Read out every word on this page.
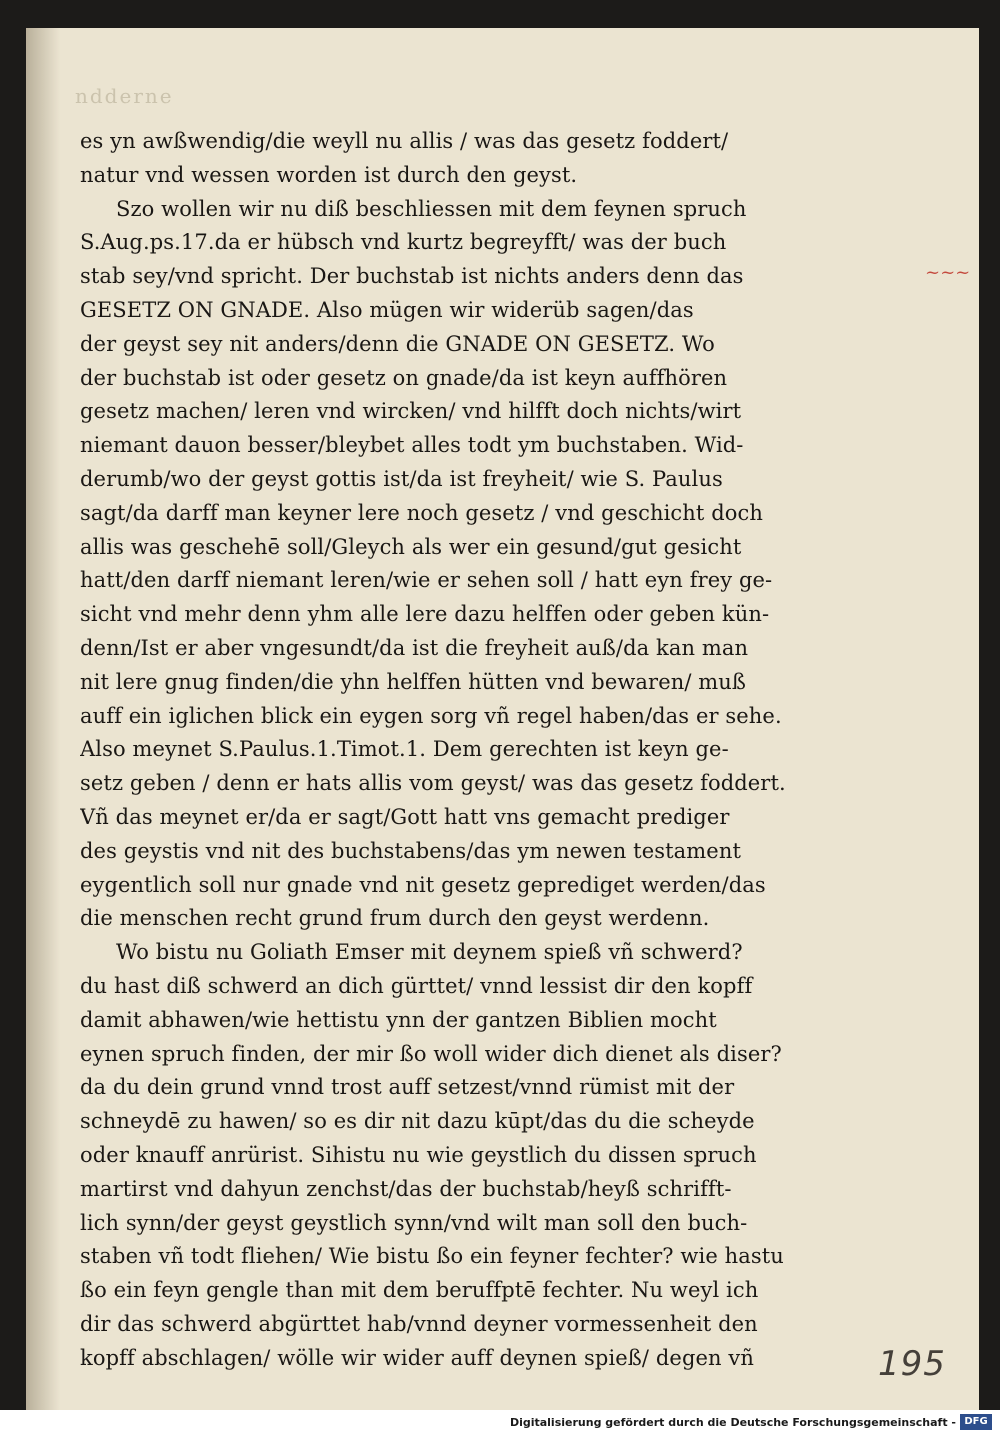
ndderne
es yn awßwendig/die weyll nu allis / was das gesetz foddert/
natur vnd wessen worden ist durch den geyst.
Szo wollen wir nu diß beschliessen mit dem feynen spruch
S.Aug.ps.17.da er hübsch vnd kurtz begreyfft/ was der buch
stab sey/vnd spricht. Der buchstab ist nichts anders denn das
GESETZ ON GNADE. Also mügen wir widerüb sagen/das
der geyst sey nit anders/denn die GNADE ON GESETZ. Wo
der buchstab ist oder gesetz on gnade/da ist keyn auffhören
gesetz machen/ leren vnd wircken/ vnd hilfft doch nichts/wirt
niemant dauon besser/bleybet alles todt ym buchstaben. Wid-
derumb/wo der geyst gottis ist/da ist freyheit/ wie S. Paulus
sagt/da darff man keyner lere noch gesetz / vnd geschicht doch
allis was geschehē soll/Gleych als wer ein gesund/gut gesicht
hatt/den darff niemant leren/wie er sehen soll / hatt eyn frey ge-
sicht vnd mehr denn yhm alle lere dazu helffen oder geben kün-
denn/Ist er aber vngesundt/da ist die freyheit auß/da kan man
nit lere gnug finden/die yhn helffen hütten vnd bewaren/ muß
auff ein iglichen blick ein eygen sorg vñ regel haben/das er sehe.
Also meynet S.Paulus.1.Timot.1. Dem gerechten ist keyn ge-
setz geben / denn er hats allis vom geyst/ was das gesetz foddert.
Vñ das meynet er/da er sagt/Gott hatt vns gemacht prediger
des geystis vnd nit des buchstabens/das ym newen testament
eygentlich soll nur gnade vnd nit gesetz geprediget werden/das
die menschen recht grund frum durch den geyst werdenn.
Wo bistu nu Goliath Emser mit deynem spieß vñ schwerd?
du hast diß schwerd an dich gürttet/ vnnd lessist dir den kopff
damit abhawen/wie hettistu ynn der gantzen Biblien mocht
eynen spruch finden, der mir ßo woll wider dich dienet als diser?
da du dein grund vnnd trost auff setzest/vnnd rümist mit der
schneydē zu hawen/ so es dir nit dazu kūpt/das du die scheyde
oder knauff anrürist. Sihistu nu wie geystlich du dissen spruch
martirst vnd dahyun zenchst/das der buchstab/heyß schrifft-
lich synn/der geyst geystlich synn/vnd wilt man soll den buch-
staben vñ todt fliehen/ Wie bistu ßo ein feyner fechter? wie hastu
ßo ein feyn gengle than mit dem beruffptē fechter. Nu weyl ich
dir das schwerd abgürttet hab/vnnd deyner vormessenheit den
kopff abschlagen/ wölle wir wider auff deynen spieß/ degen vñ
~~~
195
Digitalisierung gefördert durch die Deutsche Forschungsgemeinschaft - DFG
